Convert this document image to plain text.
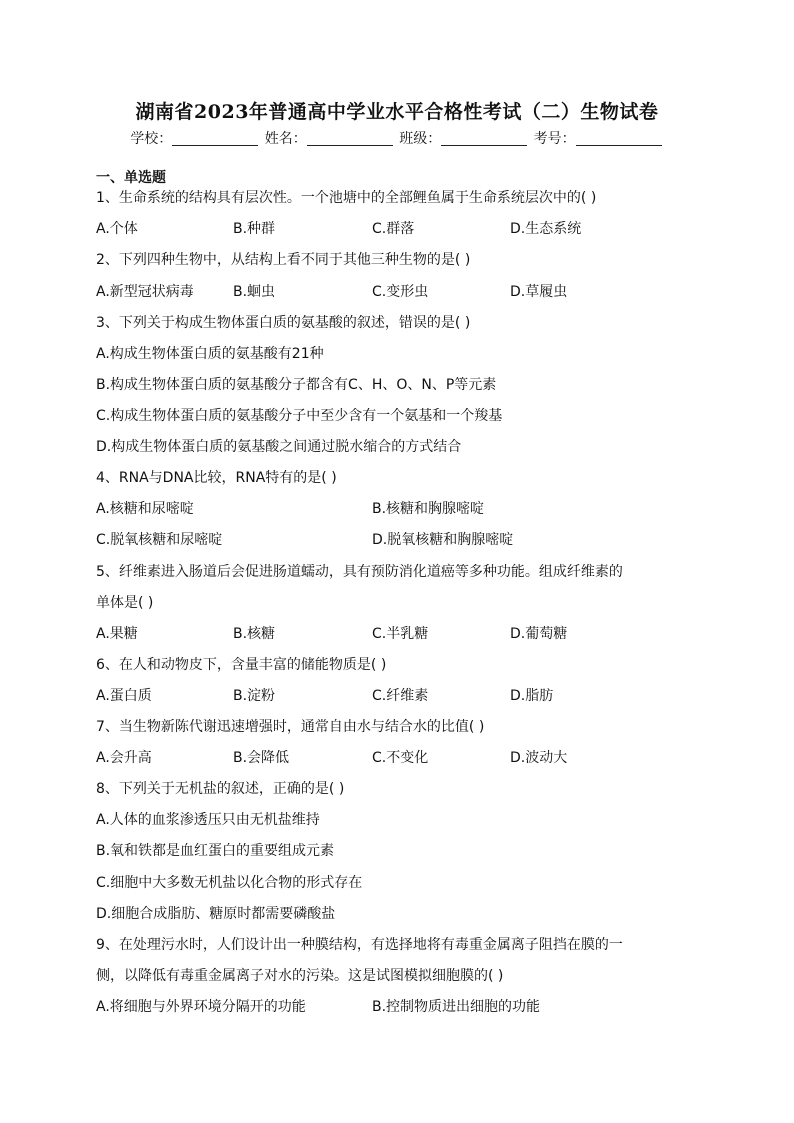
湖南省2023年普通高中学业水平合格性考试（二）生物试卷
学校：	姓名：	班级：	考号：
一、单选题
1、生命系统的结构具有层次性。一个池塘中的全部鲤鱼属于生命系统层次中的( )
A.个体	B.种群	C.群落	D.生态系统
2、下列四种生物中，从结构上看不同于其他三种生物的是( )
A.新型冠状病毒	B.蛔虫	C.变形虫	D.草履虫
3、下列关于构成生物体蛋白质的氨基酸的叙述，错误的是( )
A.构成生物体蛋白质的氨基酸有21种
B.构成生物体蛋白质的氨基酸分子都含有C、H、O、N、P等元素
C.构成生物体蛋白质的氨基酸分子中至少含有一个氨基和一个羧基
D.构成生物体蛋白质的氨基酸之间通过脱水缩合的方式结合
4、RNA与DNA比较，RNA特有的是( )
A.核糖和尿嘧啶	B.核糖和胸腺嘧啶
C.脱氧核糖和尿嘧啶	D.脱氧核糖和胸腺嘧啶
5、纤维素进入肠道后会促进肠道蠕动，具有预防消化道癌等多种功能。组成纤维素的
单体是( )
A.果糖	B.核糖	C.半乳糖	D.葡萄糖
6、在人和动物皮下，含量丰富的储能物质是( )
A.蛋白质	B.淀粉	C.纤维素	D.脂肪
7、当生物新陈代谢迅速增强时，通常自由水与结合水的比值( )
A.会升高	B.会降低	C.不变化	D.波动大
8、下列关于无机盐的叙述，正确的是( )
A.人体的血浆渗透压只由无机盐维持
B.氧和铁都是血红蛋白的重要组成元素
C.细胞中大多数无机盐以化合物的形式存在
D.细胞合成脂肪、糖原时都需要磷酸盐
9、在处理污水时，人们设计出一种膜结构，有选择地将有毒重金属离子阻挡在膜的一
侧，以降低有毒重金属离子对水的污染。这是试图模拟细胞膜的( )
A.将细胞与外界环境分隔开的功能	B.控制物质进出细胞的功能
